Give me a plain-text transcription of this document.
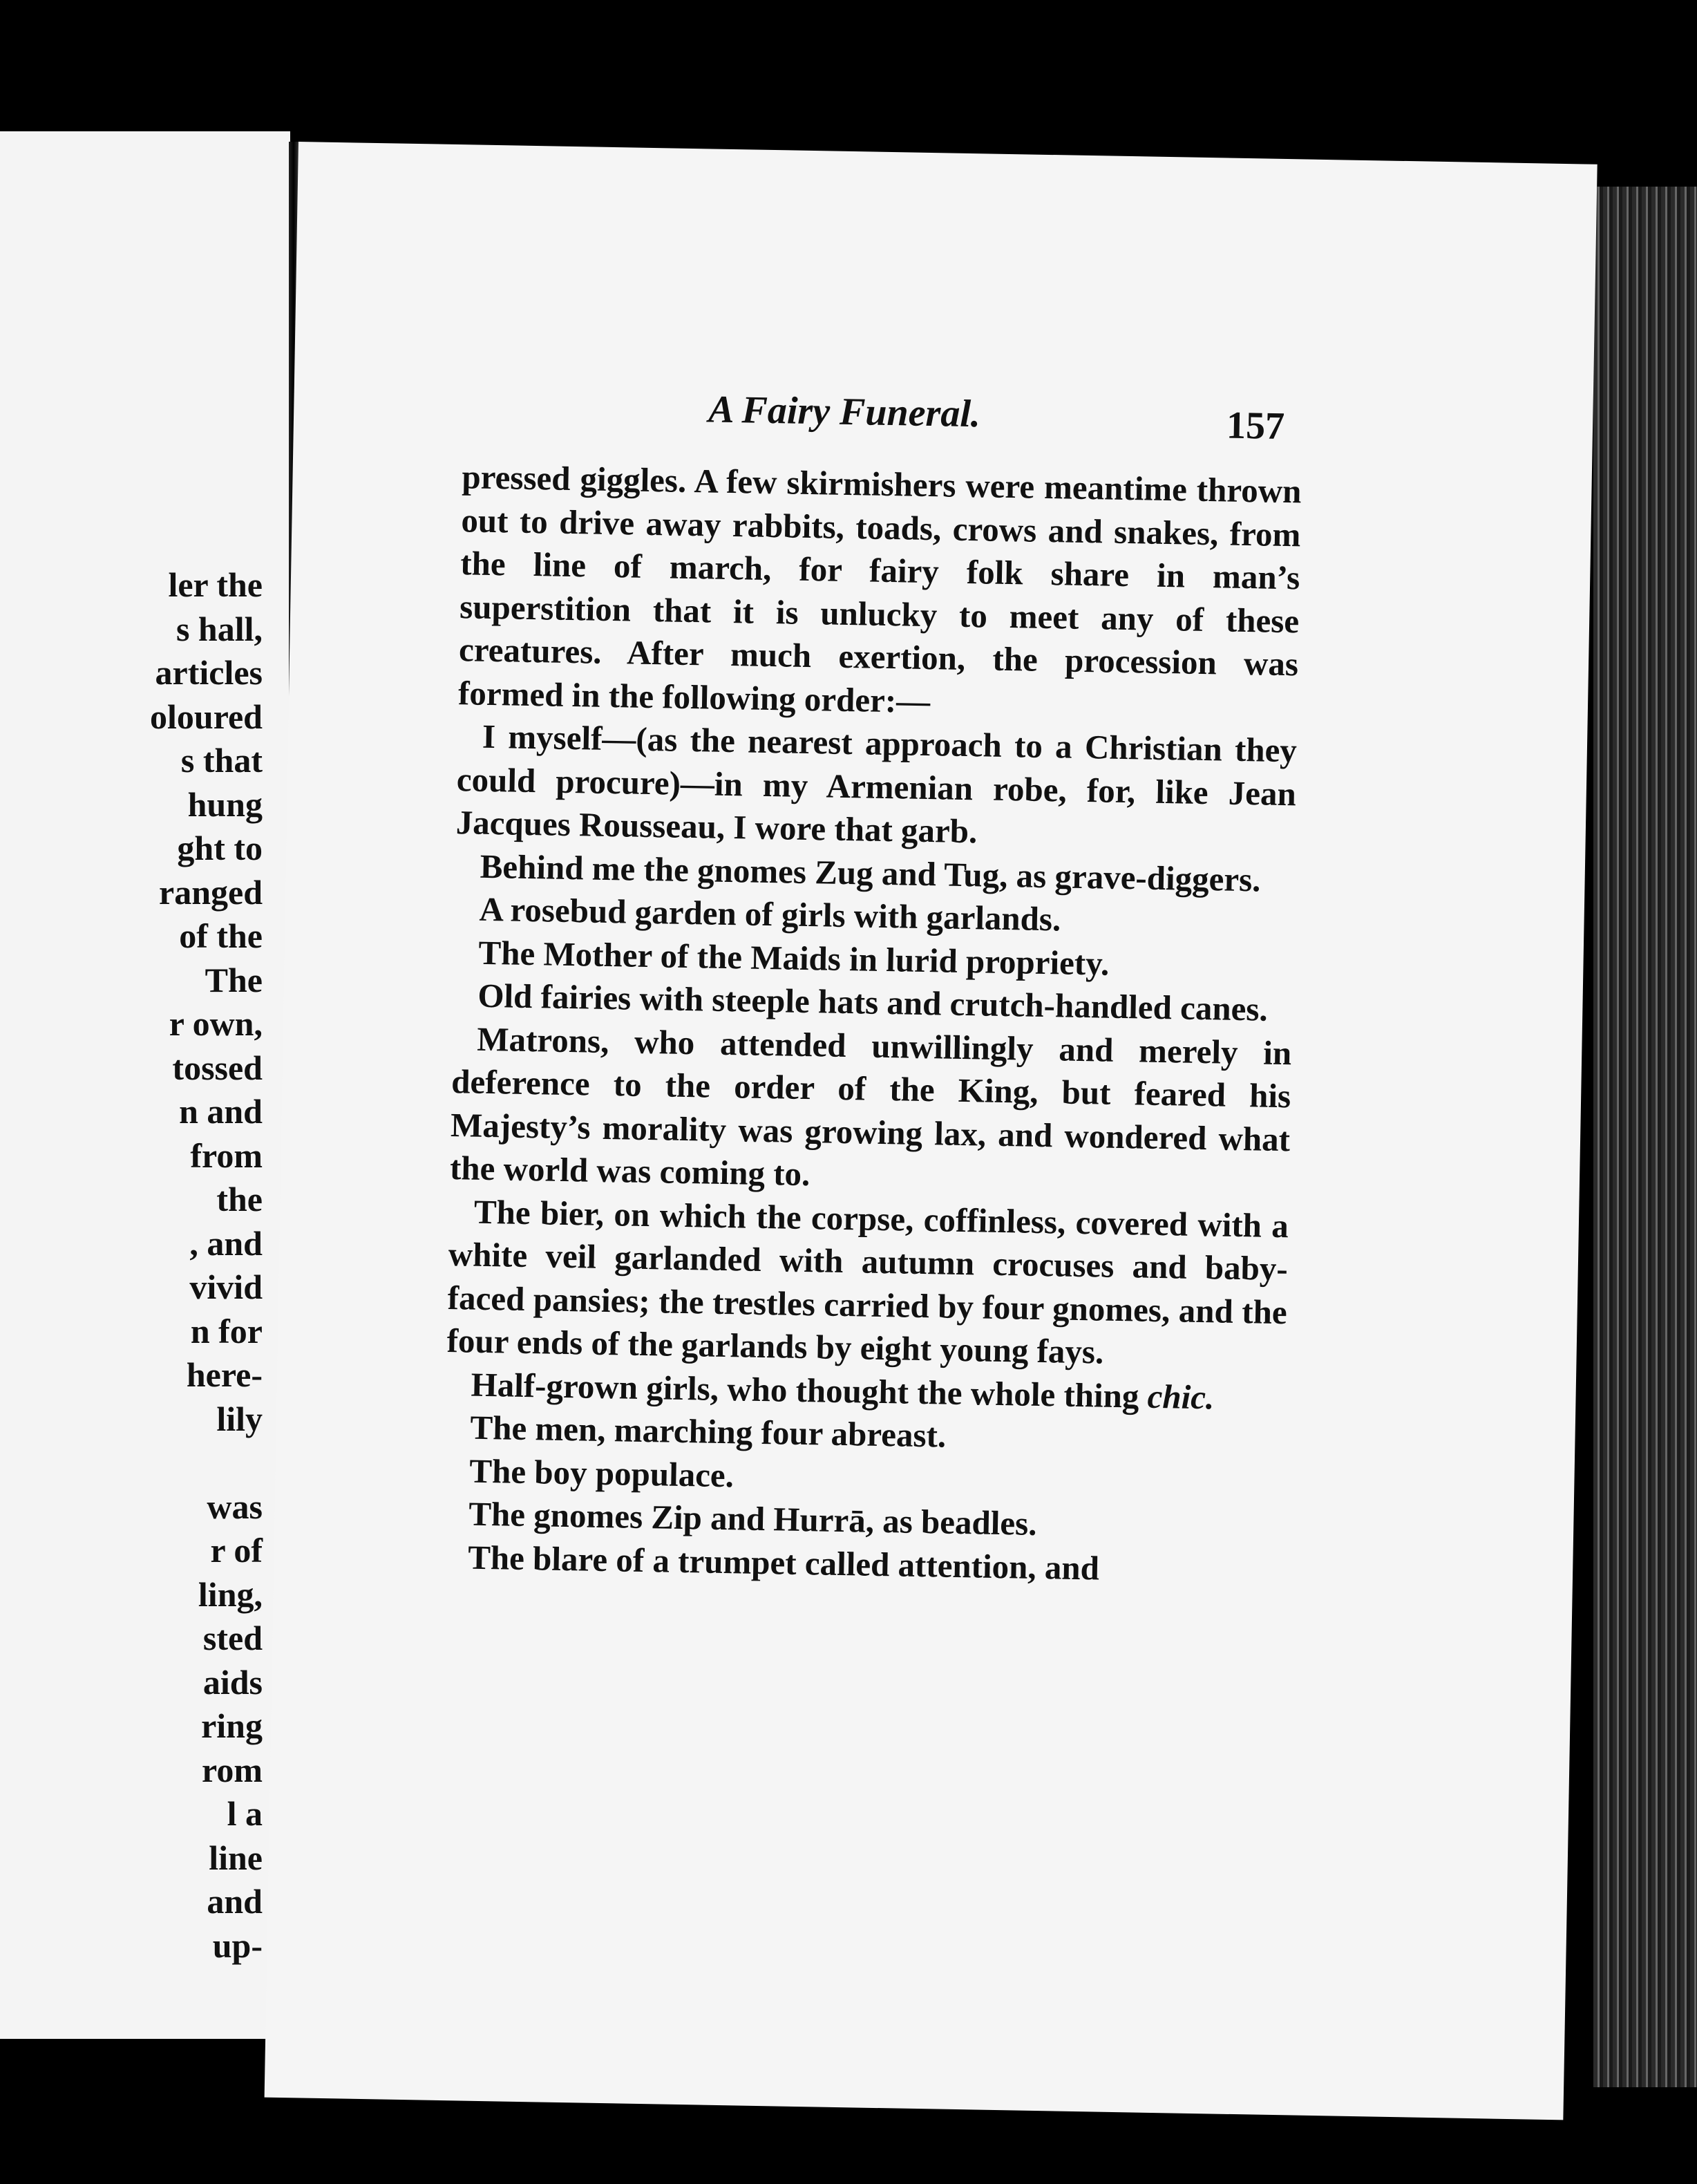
ler the
s hall,
articles
oloured
s that
hung
ght to
ranged
of the
The
r own,
tossed
n and
from
the
, and
vivid
n for
here-
lily
was
r of
ling,
sted
aids
ring
rom
l a
line
and
up-
A Fairy Funeral.	157

pressed giggles. A few skirmishers were meantime thrown out to drive away rabbits, toads, crows and snakes, from the line of march, for fairy folk share in man’s superstition that it is unlucky to meet any of these creatures. After much exertion, the procession was formed in the following order:—

I myself—(as the nearest approach to a Christian they could procure)—in my Armenian robe, for, like Jean Jacques Rousseau, I wore that garb.

Behind me the gnomes Zug and Tug, as grave-diggers.

A rosebud garden of girls with garlands.

The Mother of the Maids in lurid propriety.

Old fairies with steeple hats and crutch-handled canes.

Matrons, who attended unwillingly and merely in deference to the order of the King, but feared his Majesty’s morality was growing lax, and wondered what the world was coming to.

The bier, on which the corpse, coffinless, covered with a white veil garlanded with autumn crocuses and baby-faced pansies; the trestles carried by four gnomes, and the four ends of the garlands by eight young fays.

Half-grown girls, who thought the whole thing chic.

The men, marching four abreast.

The boy populace.

The gnomes Zip and Hurrā, as beadles.

The blare of a trumpet called attention, and
